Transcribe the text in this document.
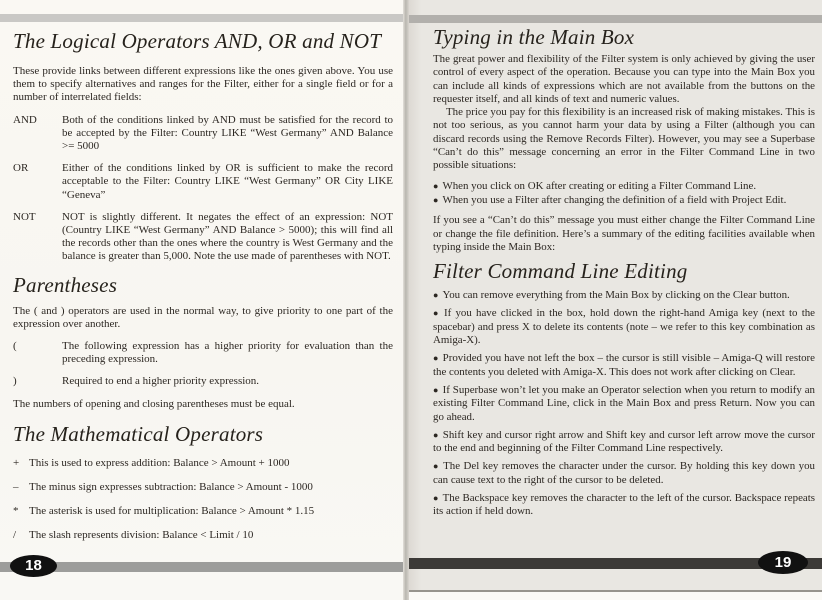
The Logical Operators AND, OR and NOT

These provide links between different expressions like the ones given above. You use them to specify alternatives and ranges for the Filter, either for a single field or for a number of interrelated fields:

AND	Both of the conditions linked by AND must be satisfied for the record to be accepted by the Filter: Country LIKE “West Germany” AND Balance >= 5000
OR	Either of the conditions linked by OR is sufficient to make the record acceptable to the Filter: Country LIKE “West Germany” OR City LIKE “Geneva”
NOT	NOT is slightly different. It negates the effect of an expression: NOT (Country LIKE “West Germany” AND Balance > 5000); this will find all the records other than the ones where the country is West Germany and the balance is greater than 5,000. Note the use made of parentheses with NOT.
Parentheses

The ( and ) operators are used in the normal way, to give priority to one part of the expression over another.

(	The following expression has a higher priority for evaluation than the preceding expression.
)	Required to end a higher priority expression.

The numbers of opening and closing parentheses must be equal.

The Mathematical Operators
+ This is used to express addition: Balance > Amount + 1000
– The minus sign expresses subtraction: Balance > Amount - 1000
* The asterisk is used for multiplication: Balance > Amount * 1.15
/	The slash represents division: Balance < Limit / 10
18
Typing in the Main Box

The great power and flexibility of the Filter system is only achieved by giving the user control of every aspect of the operation. Because you can type into the Main Box you can include all kinds of expressions which are not available from the buttons on the requester itself, and all kinds of text and numeric values.

The price you pay for this flexibility is an increased risk of making mistakes. This is not too serious, as you cannot harm your data by using a Filter (although you can discard records using the Remove Records Filter). However, you may see a Superbase “Can’t do this” message concerning an error in the Filter Command Line in two possible situations:

● When you click on OK after creating or editing a Filter Command Line.

● When you use a Filter after changing the definition of a field with Project Edit.

If you see a “Can’t do this” message you must either change the Filter Command Line or change the file definition. Here’s a summary of the editing facilities available when typing inside the Main Box:

Filter Command Line Editing

● You can remove everything from the Main Box by clicking on the Clear button.

● If you have clicked in the box, hold down the right-hand Amiga key (next to the spacebar) and press X to delete its contents (note – we refer to this key combination as Amiga-X).

● Provided you have not left the box – the cursor is still visible – Amiga-Q will restore the contents you deleted with Amiga-X. This does not work after clicking on Clear.

● If Superbase won’t let you make an Operator selection when you return to modify an existing Filter Command Line, click in the Main Box and press Return. Now you can go ahead.

● Shift key and cursor right arrow and Shift key and cursor left arrow move the cursor to the end and beginning of the Filter Command Line respectively.

● The Del key removes the character under the cursor. By holding this key down you can cause text to the right of the cursor to be deleted.

● The Backspace key removes the character to the left of the cursor. Backspace repeats its action if held down.

19
